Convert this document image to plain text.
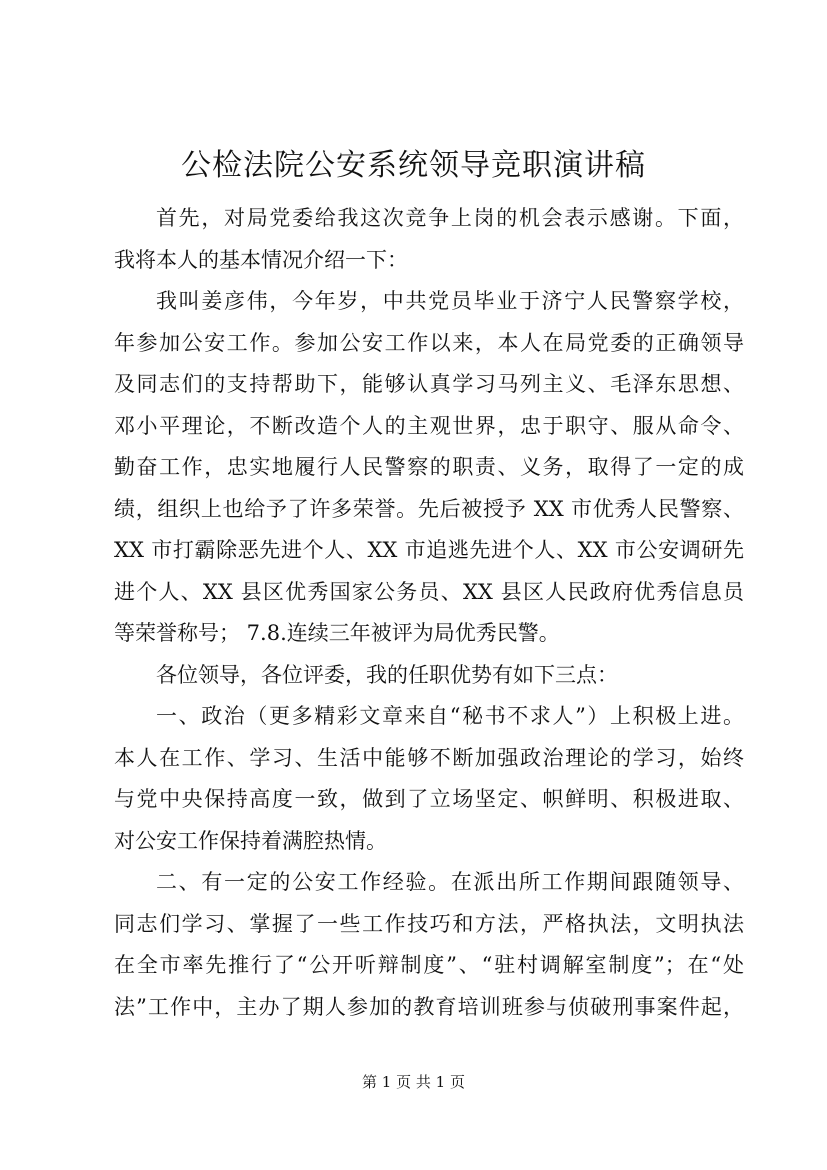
公检法院公安系统领导竞职演讲稿
首先，对局党委给我这次竞争上岗的机会表示感谢。下面，
我将本人的基本情况介绍一下：
我叫姜彦伟，今年岁，中共党员毕业于济宁人民警察学校，
年参加公安工作。参加公安工作以来，本人在局党委的正确领导
及同志们的支持帮助下，能够认真学习马列主义、毛泽东思想、
邓小平理论，不断改造个人的主观世界，忠于职守、服从命令、
勤奋工作，忠实地履行人民警察的职责、义务，取得了一定的成
绩，组织上也给予了许多荣誉。先后被授予 XX 市优秀人民警察、
XX 市打霸除恶先进个人、XX 市追逃先进个人、XX 市公安调研先
进个人、XX 县区优秀国家公务员、XX 县区人民政府优秀信息员
等荣誉称号； 7.8.连续三年被评为局优秀民警。
各位领导，各位评委，我的任职优势有如下三点：
一、政治（更多精彩文章来自“秘书不求人”）上积极上进。
本人在工作、学习、生活中能够不断加强政治理论的学习，始终
与党中央保持高度一致，做到了立场坚定、帜鲜明、积极进取、
对公安工作保持着满腔热情。
二、有一定的公安工作经验。在派出所工作期间跟随领导、
同志们学习、掌握了一些工作技巧和方法，严格执法，文明执法
在全市率先推行了“公开听辩制度”、“驻村调解室制度”；在“处
法”工作中，主办了期人参加的教育培训班参与侦破刑事案件起，
第 1 页 共 1 页
